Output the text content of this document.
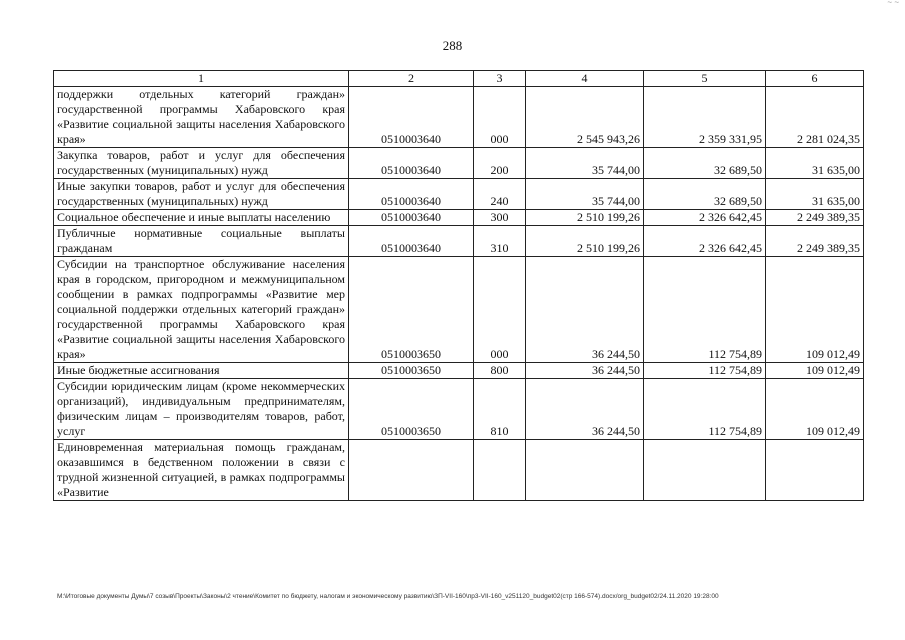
~ ~
288
1	2	3	4	5	6
поддержки отдельных категорий граждан» государственной программы Хабаровского края «Развитие социальной защиты населения Хабаровского края»	0510003640	000	2 545 943,26	2 359 331,95	2 281 024,35
Закупка товаров, работ и услуг для обеспечения государственных (муниципальных) нужд	0510003640	200	35 744,00	32 689,50	31 635,00
Иные закупки товаров, работ и услуг для обеспечения государственных (муниципальных) нужд	0510003640	240	35 744,00	32 689,50	31 635,00
Социальное обеспечение и иные выплаты населению	0510003640	300	2 510 199,26	2 326 642,45	2 249 389,35
Публичные нормативные социальные выплаты гражданам	0510003640	310	2 510 199,26	2 326 642,45	2 249 389,35
Субсидии на транспортное обслуживание населения края в городском, пригородном и межмуниципальном сообщении в рамках подпрограммы «Развитие мер социальной поддержки отдельных категорий граждан» государственной программы Хабаровского края «Развитие социальной защиты населения Хабаровского края»	0510003650	000	36 244,50	112 754,89	109 012,49
Иные бюджетные ассигнования	0510003650	800	36 244,50	112 754,89	109 012,49
Субсидии юридическим лицам (кроме некоммерческих организаций), индивидуальным предпринимателям, физическим лицам – производителям товаров, работ, услуг	0510003650	810	36 244,50	112 754,89	109 012,49
Единовременная материальная помощь гражданам, оказавшимся в бедственном положении в связи с трудной жизненной ситуацией, в рамках подпрограммы «Развитие					
M:\Итоговые документы Думы\7 созыв\Проекты\Законы\2 чтение\Комитет по бюджету, налогам и экономическому развитию\ЗП-VII-160\пр3-VII-160_v251120_budget02(стр 166-574).docx/org_budget02/24.11.2020 19:28:00
